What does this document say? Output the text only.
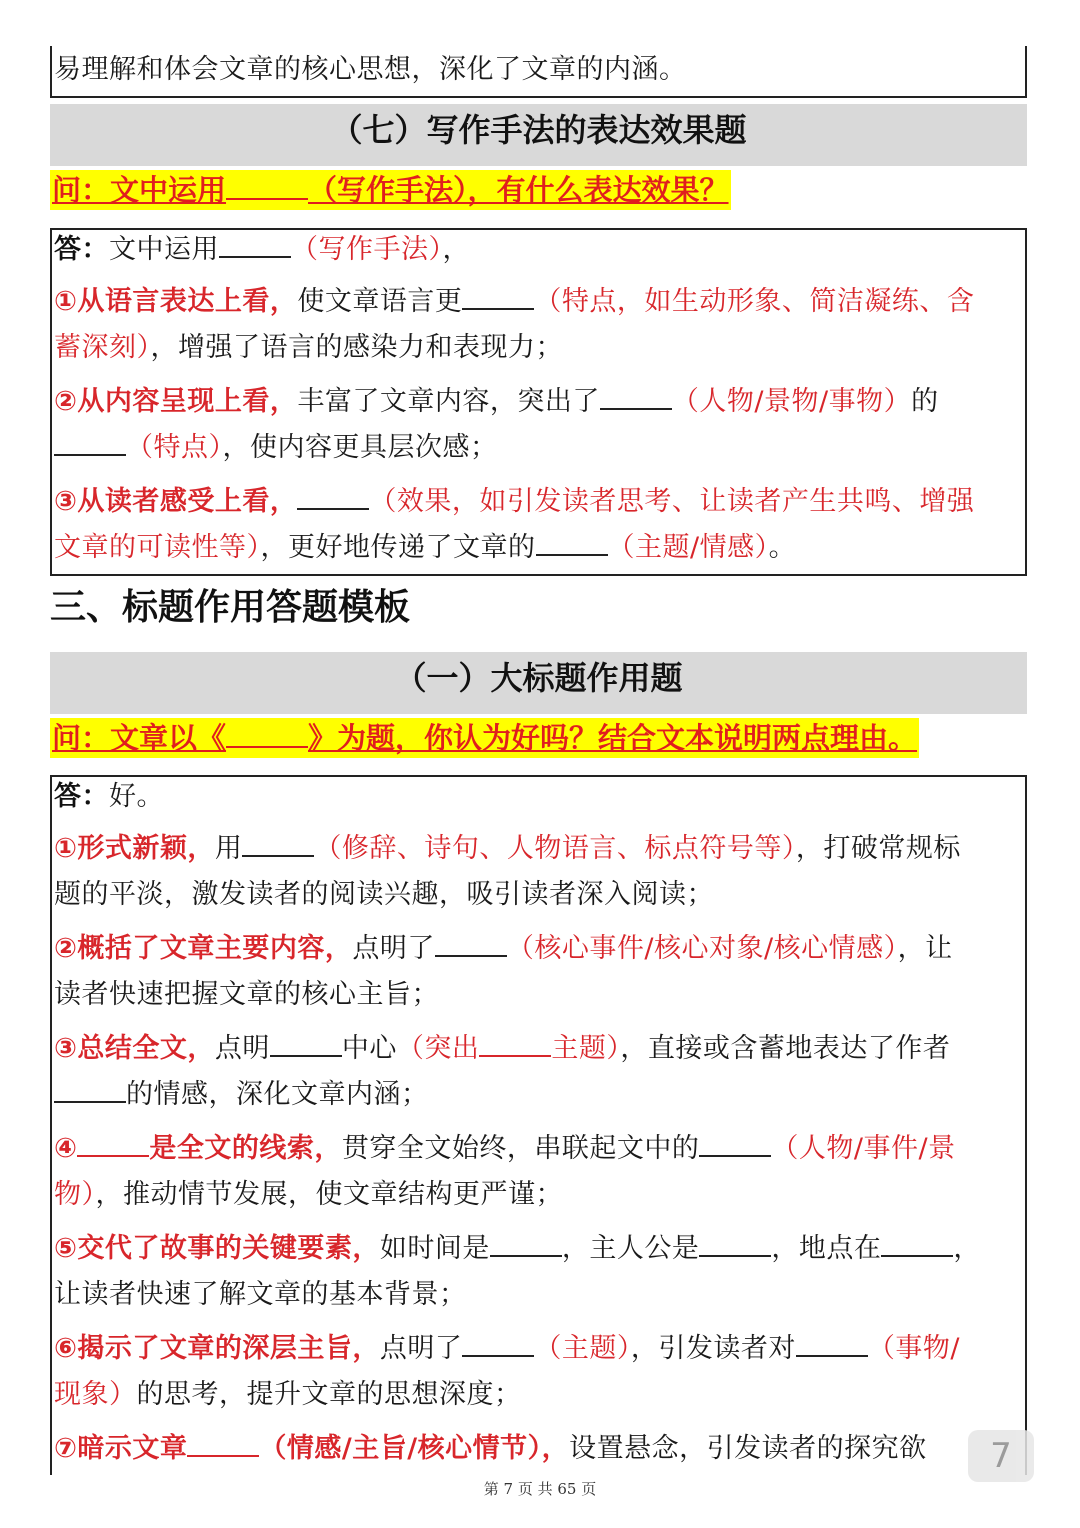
易理解和体会文章的核心思想，深化了文章的内涵。
（七）写作手法的表达效果题
问：文中运用	（写作手法），有什么表达效果？
答：文中运用	（写作手法），
①从语言表达上看，使文章语言更	（特点，如生动形象、简洁凝练、含
蓄深刻），增强了语言的感染力和表现力；
②从内容呈现上看，丰富了文章内容，突出了	（人物/景物/事物）的
（特点），使内容更具层次感；
③从读者感受上看，	（效果，如引发读者思考、让读者产生共鸣、增强
文章的可读性等），更好地传递了文章的	（主题/情感）。
三、标题作用答题模板
（一）大标题作用题
问：文章以《	》为题，你认为好吗？结合文本说明两点理由。
答：好。
①形式新颖，用	（修辞、诗句、人物语言、标点符号等），打破常规标
题的平淡，激发读者的阅读兴趣，吸引读者深入阅读；
②概括了文章主要内容，点明了	（核心事件/核心对象/核心情感），让
读者快速把握文章的核心主旨；
③总结全文，点明	中心（突出	主题），直接或含蓄地表达了作者
的情感，深化文章内涵；
④	是全文的线索，贯穿全文始终，串联起文中的	（人物/事件/景
物），推动情节发展，使文章结构更严谨；
⑤交代了故事的关键要素，如时间是	，主人公是	，地点在	，
让读者快速了解文章的基本背景；
⑥揭示了文章的深层主旨，点明了	（主题），引发读者对	（事物/
现象）的思考，提升文章的思想深度；
⑦暗示文章	（情感/主旨/核心情节），设置悬念，引发读者的探究欲	7
第 7 页 共 65 页
